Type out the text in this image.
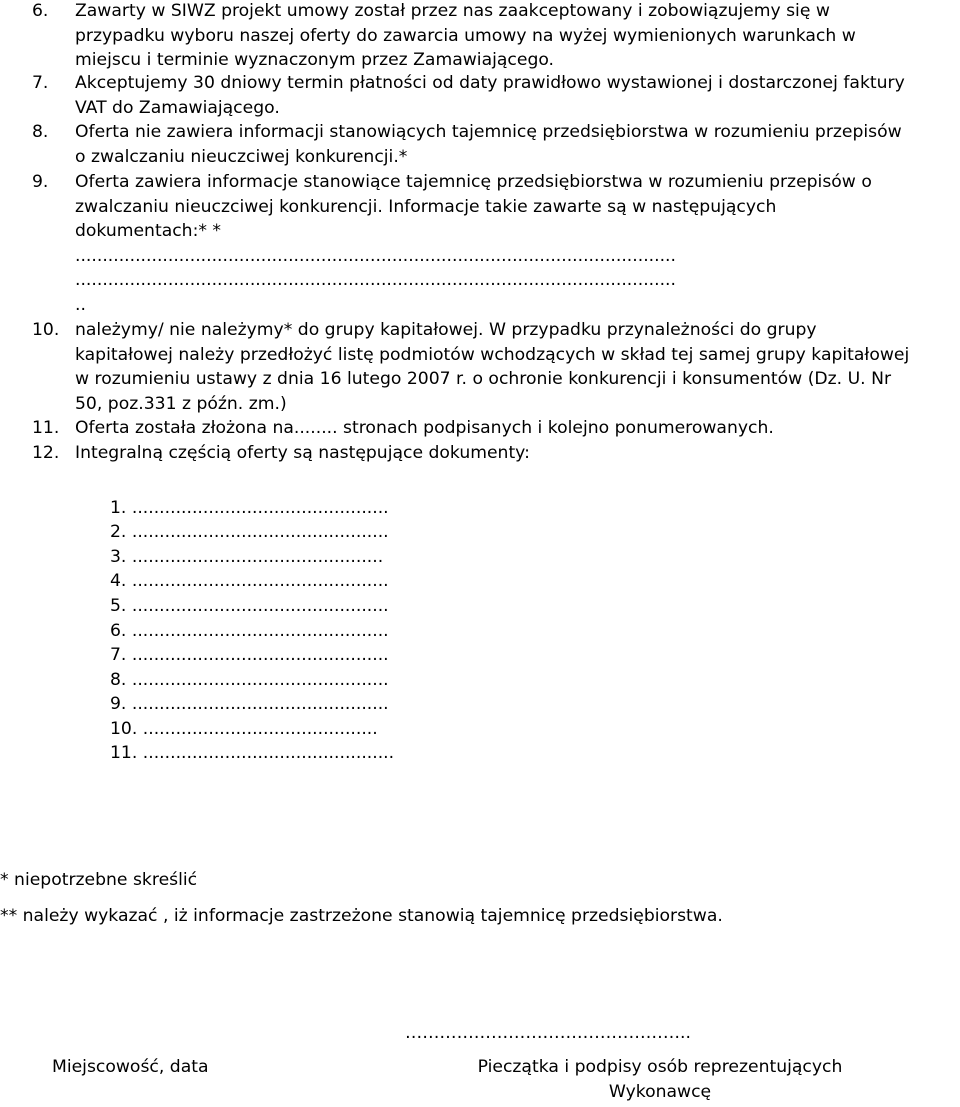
6. Zawarty w SIWZ projekt umowy został przez nas zaakceptowany i zobowiązujemy się w
przypadku wyboru naszej oferty do zawarcia umowy na wyżej wymienionych warunkach w
miejscu i terminie wyznaczonym przez Zamawiającego.
7. Akceptujemy 30 dniowy termin płatności od daty prawidłowo wystawionej i dostarczonej faktury
VAT do Zamawiającego.
8. Oferta nie zawiera informacji stanowiących tajemnicę przedsiębiorstwa w rozumieniu przepisów
o zwalczaniu nieuczciwej konkurencji.*
9. Oferta zawiera informacje stanowiące tajemnicę przedsiębiorstwa w rozumieniu przepisów o
zwalczaniu nieuczciwej konkurencji. Informacje takie zawarte są w następujących
dokumentach:* *
..............................................................................................................
..............................................................................................................
..
10. należymy/ nie należymy* do grupy kapitałowej. W przypadku przynależności do grupy
kapitałowej należy przedłożyć listę podmiotów wchodzących w skład tej samej grupy kapitałowej
w rozumieniu ustawy z dnia 16 lutego 2007 r. o ochronie konkurencji i konsumentów (Dz. U. Nr
50, poz.331 z późn. zm.)
11. Oferta została złożona na........ stronach podpisanych i kolejno ponumerowanych.
12. Integralną częścią oferty są następujące dokumenty:
1. ...............................................
2. ...............................................
3. ..............................................
4. ...............................................
5. ...............................................
6. ...............................................
7. ...............................................
8. ...............................................
9. ...............................................
10. ...........................................
11. ..............................................
* niepotrzebne skreślić
** należy wykazać , iż informacje zastrzeżone stanowią tajemnicę przedsiębiorstwa.
…………………………………………..
Miejscowość, data	Pieczątka i podpisy osób reprezentujących
Wykonawcę
